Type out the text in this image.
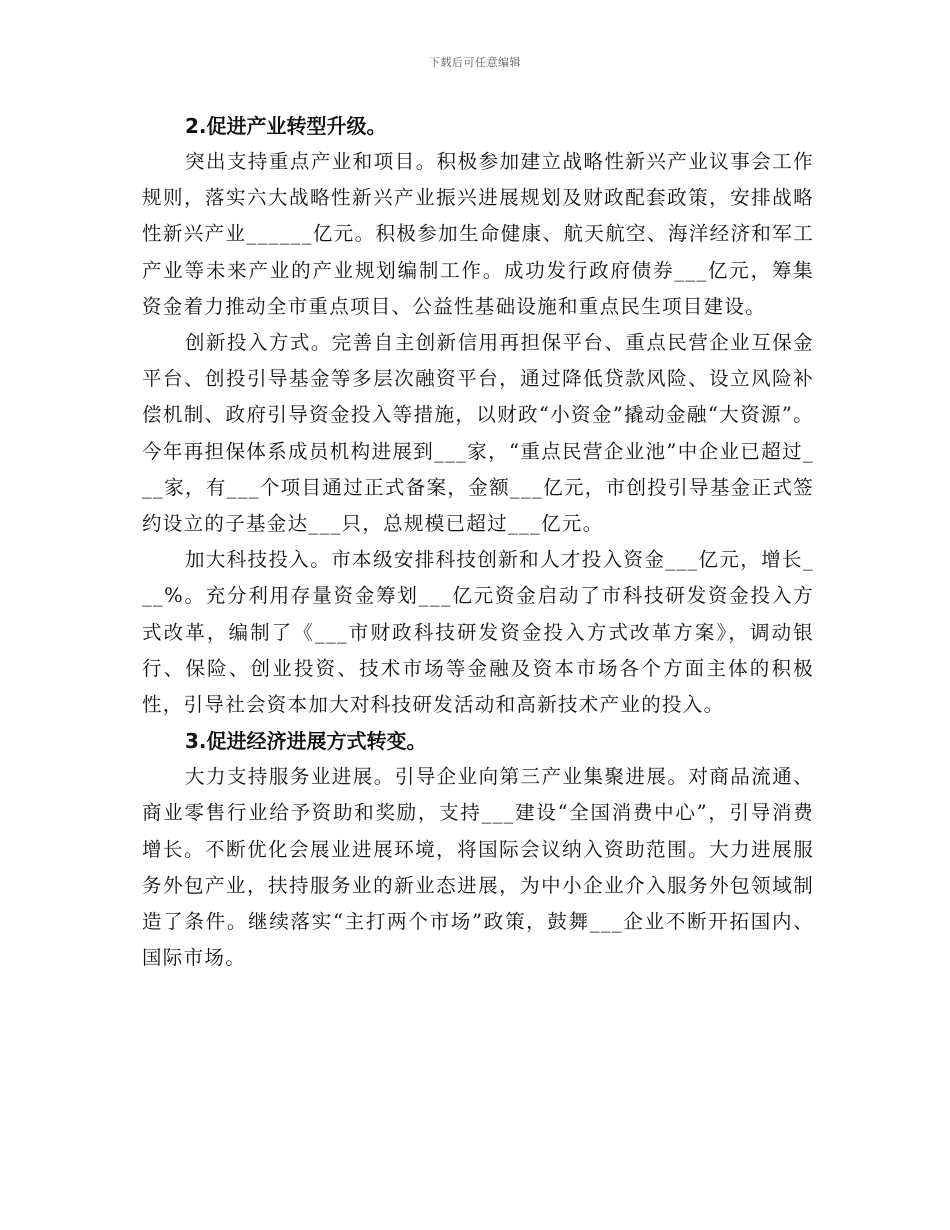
下载后可任意编辑
2.促进产业转型升级。

突出支持重点产业和项目。积极参加建立战略性新兴产业议事会工作规则，落实六大战略性新兴产业振兴进展规划及财政配套政策，安排战略性新兴产业______亿元。积极参加生命健康、航天航空、海洋经济和军工产业等未来产业的产业规划编制工作。成功发行政府债券___亿元，筹集资金着力推动全市重点项目、公益性基础设施和重点民生项目建设。

创新投入方式。完善自主创新信用再担保平台、重点民营企业互保金平台、创投引导基金等多层次融资平台，通过降低贷款风险、设立风险补偿机制、政府引导资金投入等措施，以财政“小资金”撬动金融“大资源”。今年再担保体系成员机构进展到___家，“重点民营企业池”中企业已超过___家，有___个项目通过正式备案，金额___亿元，市创投引导基金正式签约设立的子基金达___只，总规模已超过___亿元。

加大科技投入。市本级安排科技创新和人才投入资金___亿元，增长___%。充分利用存量资金筹划___亿元资金启动了市科技研发资金投入方式改革，编制了《___市财政科技研发资金投入方式改革方案》，调动银行、保险、创业投资、技术市场等金融及资本市场各个方面主体的积极性，引导社会资本加大对科技研发活动和高新技术产业的投入。

3.促进经济进展方式转变。

大力支持服务业进展。引导企业向第三产业集聚进展。对商品流通、商业零售行业给予资助和奖励，支持___建设“全国消费中心”，引导消费增长。不断优化会展业进展环境，将国际会议纳入资助范围。大力进展服务外包产业，扶持服务业的新业态进展，为中小企业介入服务外包领域制造了条件。继续落实“主打两个市场”政策，鼓舞___企业不断开拓国内、国际市场。
